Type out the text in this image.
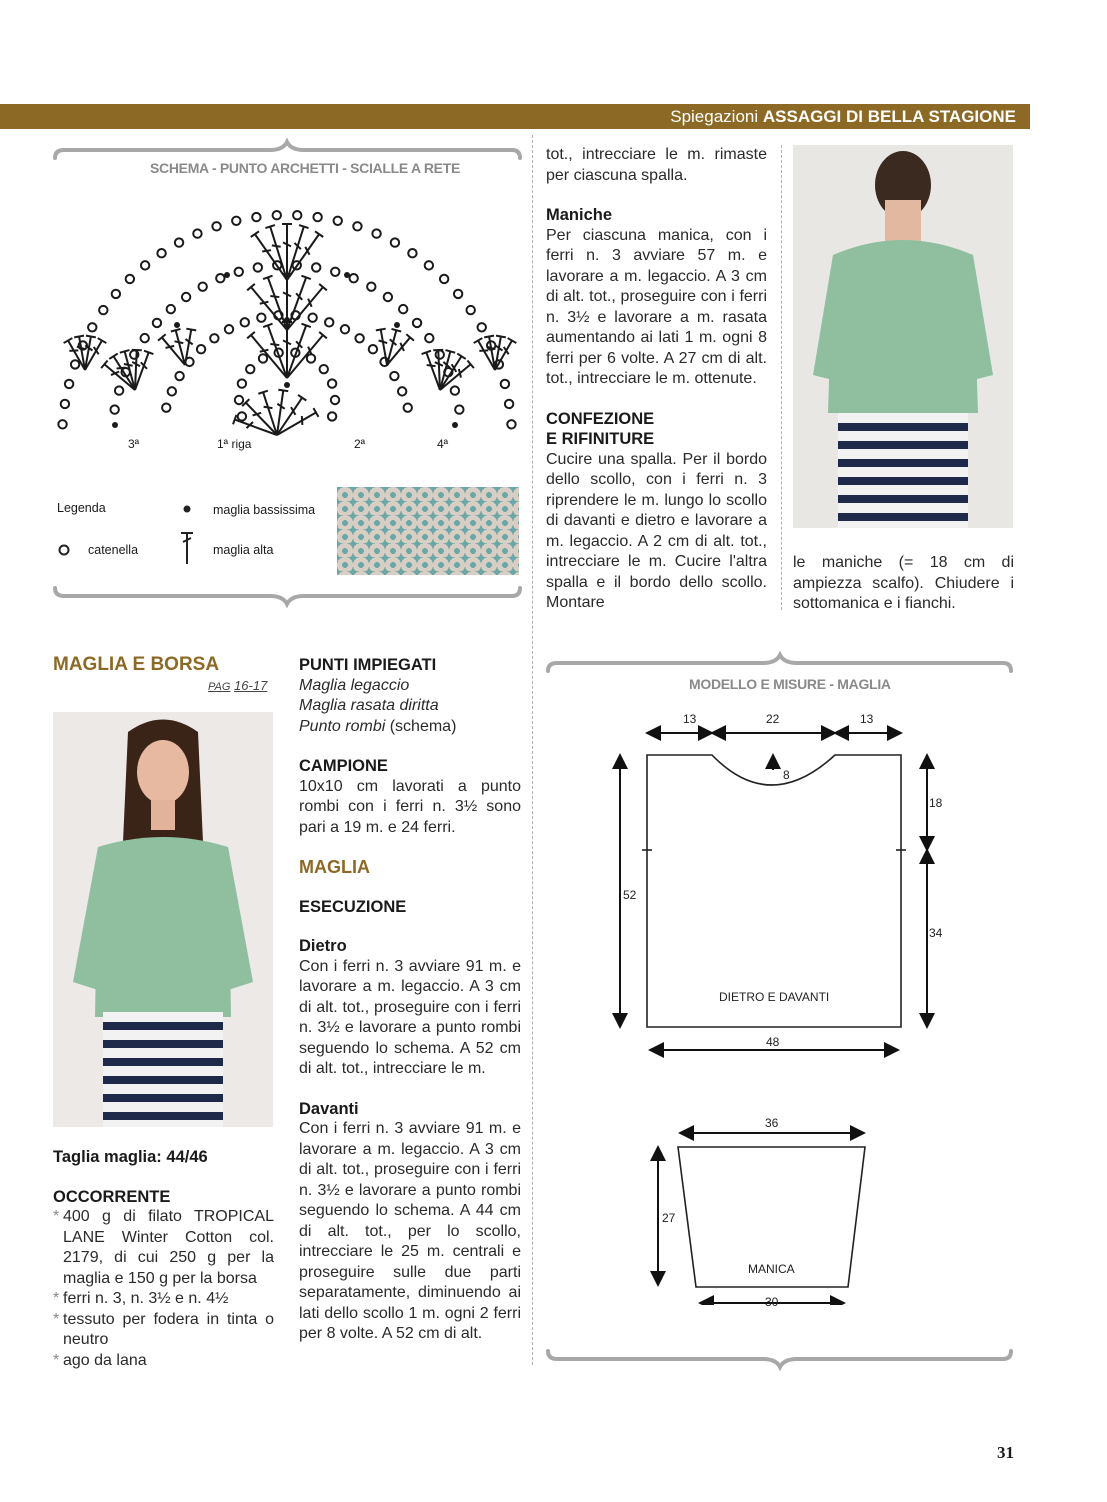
Spiegazioni ASSAGGI DI BELLA STAGIONE
SCHEMA - PUNTO ARCHETTI - SCIALLE A RETE
3ª	1ª riga	2ª	4ª
Legenda
catenella
maglia bassissima
maglia alta

tot., intrecciare le m. rimaste per ciascuna spalla.

Maniche

Per ciascuna manica, con i ferri n. 3 avviare 57 m. e lavorare a m. legaccio. A 3 cm di alt. tot., proseguire con i ferri n. 3½ e lavorare a m. rasata aumentando ai lati 1 m. ogni 8 ferri per 6 volte. A 27 cm di alt. tot., intrecciare le m. ottenute.

CONFEZIONE

E RIFINITURE

Cucire una spalla. Per il bordo dello scollo, con i ferri n. 3 riprendere le m. lungo lo scollo di davanti e dietro e lavorare a m. legaccio. A 2 cm di alt. tot., intrecciare le m. Cucire l'altra spalla e il bordo dello scollo. Montare

le maniche (= 18 cm di ampiezza scalfo). Chiudere i sottomanica e i fianchi.
MAGLIA E BORSA
PAG 16-17

Taglia maglia: 44/46

OCCORRENTE

* 400 g di filato TROPICAL LANE Winter Cotton col. 2179, di cui 250 g per la maglia e 150 g per la borsa
* ferri n. 3, n. 3½ e n. 4½
* tessuto per fodera in tinta o neutro
* ago da lana

PUNTI IMPIEGATI

Maglia legaccio

Maglia rasata diritta

Punto rombi (schema)

CAMPIONE

10x10 cm lavorati a punto rombi con i ferri n. 3½ sono pari a 19 m. e 24 ferri.

MAGLIA

ESECUZIONE

Dietro

Con i ferri n. 3 avviare 91 m. e lavorare a m. legaccio. A 3 cm di alt. tot., proseguire con i ferri n. 3½ e lavorare a punto rombi seguendo lo schema. A 52 cm di alt. tot., intrecciare le m.

Davanti

Con i ferri n. 3 avviare 91 m. e lavorare a m. legaccio. A 3 cm di alt. tot., proseguire con i ferri n. 3½ e lavorare a punto rombi seguendo lo schema. A 44 cm di alt. tot., per lo scollo, intrecciare le 25 m. centrali e proseguire sulle due parti separatamente, diminuendo ai lati dello scollo 1 m. ogni 2 ferri per 8 volte. A 52 cm di alt.

MODELLO E MISURE - MAGLIA
13	22	13
8
52
18
34
DIETRO E DAVANTI
48
36
27
MANICA
30
31
